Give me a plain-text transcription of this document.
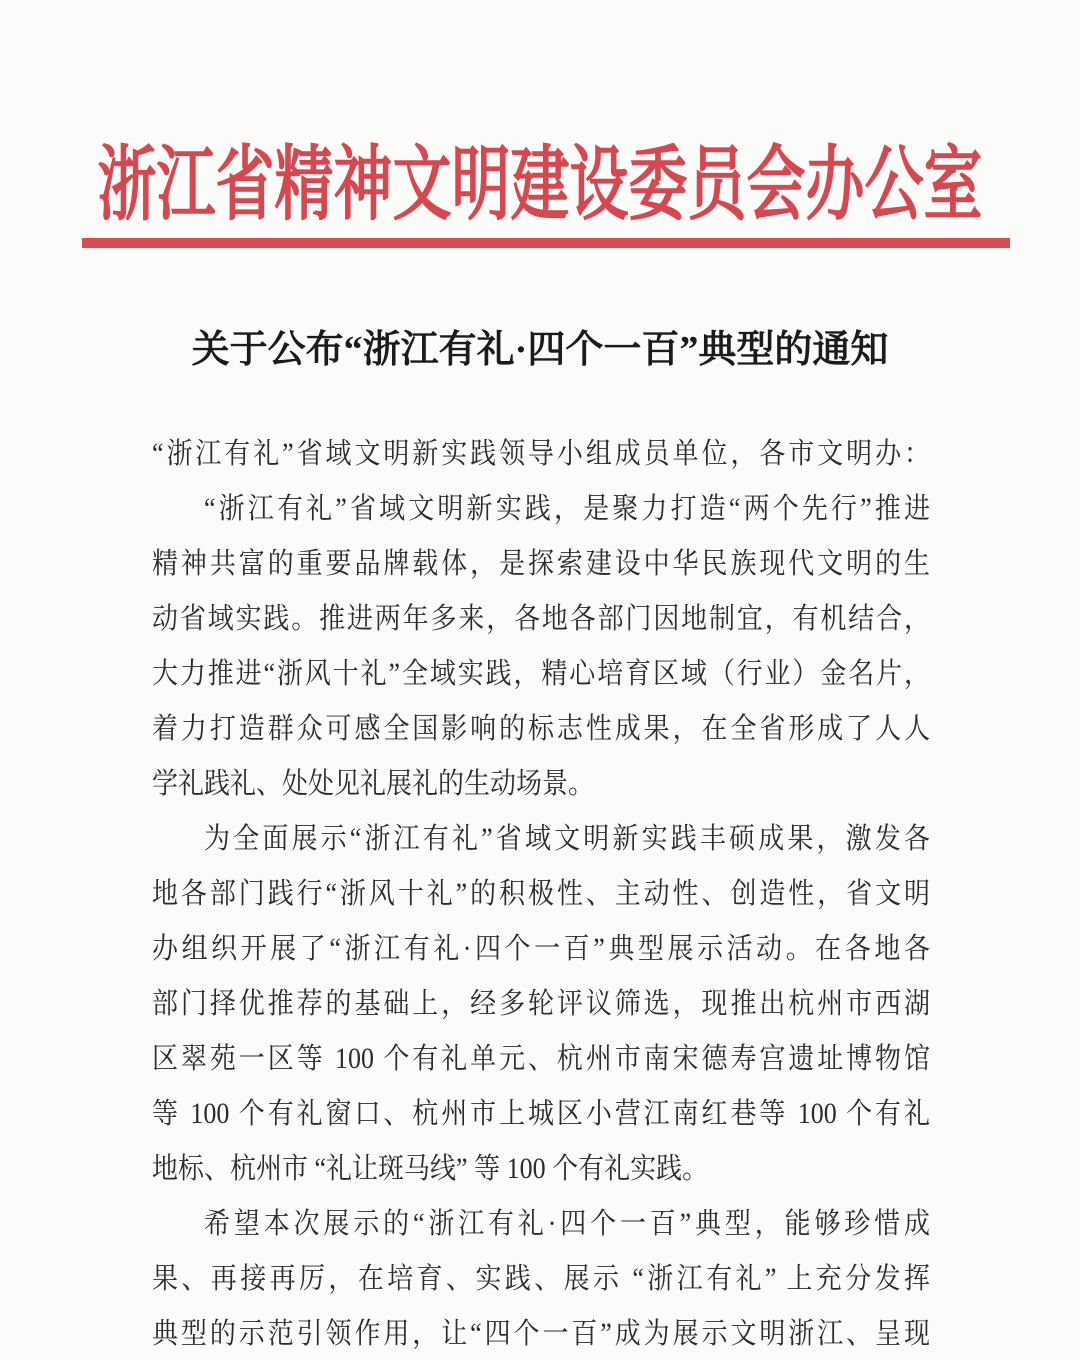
浙江省精神文明建设委员会办公室
关于公布“浙江有礼·四个一百”典型的通知
“浙江有礼”省域文明新实践领导小组成员单位，各市文明办：
“浙江有礼”省域文明新实践，是聚力打造“两个先行”推进
精神共富的重要品牌载体，是探索建设中华民族现代文明的生
动省域实践。推进两年多来，各地各部门因地制宜，有机结合，
大力推进“浙风十礼”全域实践，精心培育区域（行业）金名片，
着力打造群众可感全国影响的标志性成果，在全省形成了人人
学礼践礼、处处见礼展礼的生动场景。
为全面展示“浙江有礼”省域文明新实践丰硕成果，激发各
地各部门践行“浙风十礼”的积极性、主动性、创造性，省文明
办组织开展了“浙江有礼·四个一百”典型展示活动。在各地各
部门择优推荐的基础上，经多轮评议筛选，现推出杭州市西湖
区翠苑一区等 100 个有礼单元、杭州市南宋德寿宫遗址博物馆
等 100 个有礼窗口、杭州市上城区小营江南红巷等 100 个有礼
地标、杭州市 “礼让斑马线” 等 100 个有礼实践。
希望本次展示的“浙江有礼·四个一百”典型，能够珍惜成
果、再接再厉，在培育、实践、展示 “浙江有礼” 上充分发挥
典型的示范引领作用，让“四个一百”成为展示文明浙江、呈现
